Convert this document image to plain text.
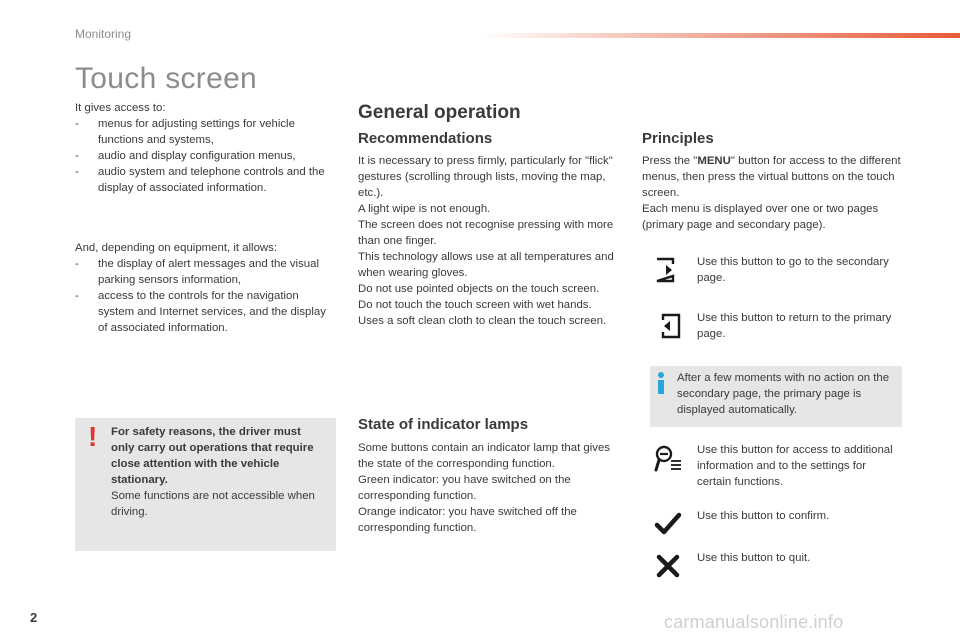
Monitoring
Touch screen

It gives access to:

- menus for adjusting settings for vehicle functions and systems,
- audio and display configuration menus,
- audio system and telephone controls and the display of associated information.

And, depending on equipment, it allows:

- the display of alert messages and the visual parking sensors information,
- access to the controls for the navigation system and Internet services, and the display of associated information.
! For safety reasons, the driver must only carry out operations that require close attention with the vehicle stationary.

Some functions are not accessible when driving.

General operation
Recommendations

It is necessary to press firmly, particularly for "flick" gestures (scrolling through lists, moving the map, etc.).

A light wipe is not enough.

The screen does not recognise pressing with more than one finger.

This technology allows use at all temperatures and when wearing gloves.

Do not use pointed objects on the touch screen.

Do not touch the touch screen with wet hands.

Uses a soft clean cloth to clean the touch screen.

State of indicator lamps

Some buttons contain an indicator lamp that gives the state of the corresponding function.

Green indicator: you have switched on the corresponding function.

Orange indicator: you have switched off the corresponding function.

Principles

Press the "MENU" button for access to the different menus, then press the virtual buttons on the touch screen.

Each menu is displayed over one or two pages (primary page and secondary page).

Use this button to go to the secondary page.
Use this button to return to the primary page.
After a few moments with no action on the secondary page, the primary page is displayed automatically.
Use this button for access to additional information and to the settings for certain functions.
Use this button to confirm.
Use this button to quit.
2	carmanualsonline.info
